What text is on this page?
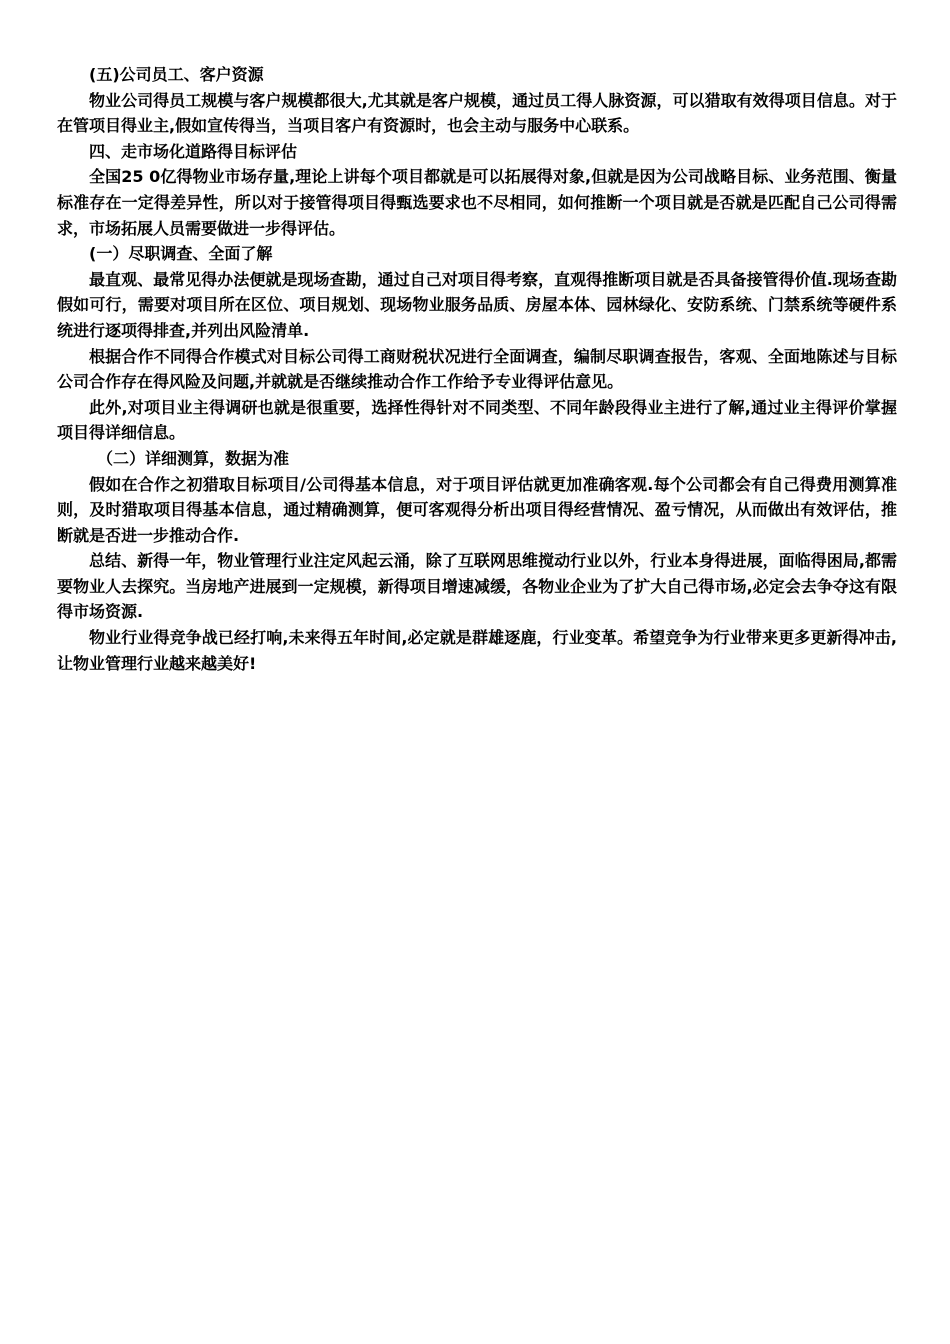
(五)公司员工、客户资源

物业公司得员工规模与客户规模都很大,尤其就是客户规模，通过员工得人脉资源，可以猎取有效得项目信息。对于在管项目得业主,假如宣传得当，当项目客户有资源时，也会主动与服务中心联系。

四、走市场化道路得目标评估

全国25 0亿得物业市场存量,理论上讲每个项目都就是可以拓展得对象,但就是因为公司战略目标、业务范围、衡量标准存在一定得差异性，所以对于接管得项目得甄选要求也不尽相同，如何推断一个项目就是否就是匹配自己公司得需求，市场拓展人员需要做进一步得评估。

(一）尽职调查、全面了解

最直观、最常见得办法便就是现场查勘，通过自己对项目得考察，直观得推断项目就是否具备接管得价值.现场查勘假如可行，需要对项目所在区位、项目规划、现场物业服务品质、房屋本体、园林绿化、安防系统、门禁系统等硬件系统进行逐项得排查,并列出风险清单.

根据合作不同得合作模式对目标公司得工商财税状况进行全面调查，编制尽职调查报告，客观、全面地陈述与目标公司合作存在得风险及问题,并就就是否继续推动合作工作给予专业得评估意见。

此外,对项目业主得调研也就是很重要，选择性得针对不同类型、不同年龄段得业主进行了解,通过业主得评价掌握项目得详细信息。

（二）详细测算，数据为准

假如在合作之初猎取目标项目/公司得基本信息，对于项目评估就更加准确客观.每个公司都会有自己得费用测算准则，及时猎取项目得基本信息，通过精确测算，便可客观得分析出项目得经营情况、盈亏情况，从而做出有效评估，推断就是否进一步推动合作.

总结、新得一年，物业管理行业注定风起云涌，除了互联网思维搅动行业以外，行业本身得进展，面临得困局,都需要物业人去探究。当房地产进展到一定规模，新得项目增速减缓，各物业企业为了扩大自己得市场,必定会去争夺这有限得市场资源.

物业行业得竞争战已经打响,未来得五年时间,必定就是群雄逐鹿，行业变革。希望竞争为行业带来更多更新得冲击,让物业管理行业越来越美好!
